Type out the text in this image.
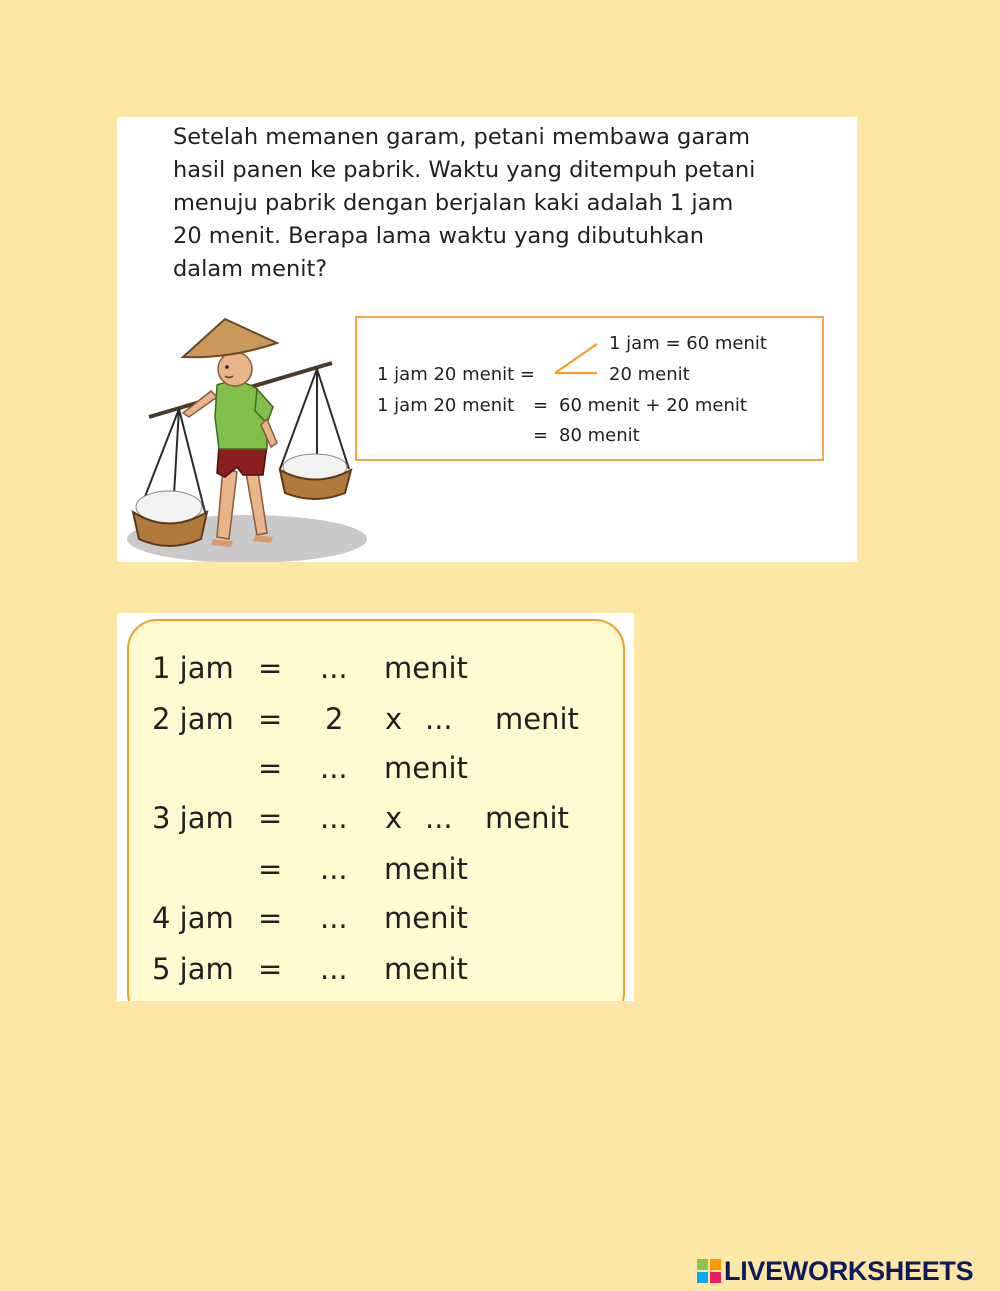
Setelah memanen garam, petani membawa garam
hasil panen ke pabrik. Waktu yang ditempuh petani
menuju pabrik dengan berjalan kaki adalah 1 jam
20 menit. Berapa lama waktu yang dibutuhkan
dalam menit?

1 jam = 60 menit
1 jam 20 menit =	20 menit
1 jam 20 menit = 60 menit + 20 menit
= 80 menit
1 jam = ... menit
2 jam = 2 x ... menit
= ... menit
3 jam = ... x ... menit
= ... menit
4 jam = ... menit
5 jam = ... menit
LIVEWORKSHEETS
